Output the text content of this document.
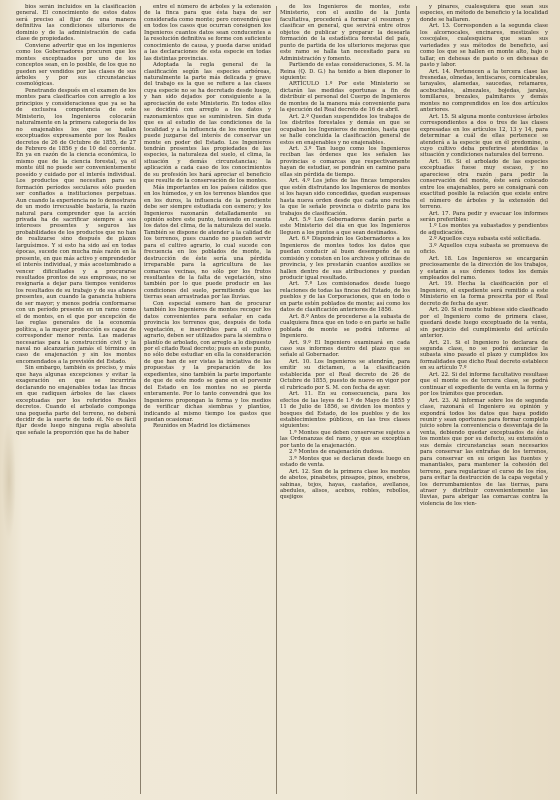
bios serán incluidos en la clasificación general. El conocimiento de estos datos será preciso al fijar de una manera definitiva las condiciones ulteriores de dominio y de la administración de cada clase de propiedades.

Conviene advertir que en los ingenieros como los Gobernadores procuren que los montes exceptuados por uno de los conceptos sean, en lo posible, de los que no pueden ser vendidos por las clases de sus árboles y por sus circunstancias cosmológicas.

Penetrando después en el examen de los montes para clasificarlos con arreglo a los principios y consideraciones que ya se ha de exclusiva competencia de este Ministerio, los Ingenieros colocarán naturalmente en la primera categoría de los no enajenables los que se hallan exceptuados expresamente por los Reales decretos de 26 de Octubre de 1855, de 27 de Febrero de 1856 y de 10 del corriente. En ya en razón de la ciencia económica, lo mismo que de la ciencia forestal, ya el monte útil no puede ser convenientemente poseído y cuidado por el interés individual. Los productos que necesitan para su formación períodos seculares sólo pueden ser confiados a instituciones perpetuas. Aun cuando la experiencia no lo demostrara de un modo irrecusable bastaría, la razón natural para comprender que la acción privada ha de sacrificar siempre a sus intereses presentes y seguros las probabilidades de los productos que no han de realizarse sino después de plazos larguísimos. Y si esto ha sido así en todas épocas, sucede con mucha más razón en la presente, en que más activo y emprendedor el interés individual, y más acostumbrado a vencer dificultades y a procurarse resultados prontos de sus empresas, no se resignaría a dejar para tiempos venideros los resultados de su trabajo y de sus afanes presentes, aun cuando la ganancia hubiera de ser mayor; y menos podría conformarse con un período presente en un ramo como el de montes, en el que por excepción de las reglas generales de la economía política, a la mayor producción es capaz de corresponder menor renta. Las maderas necesarias para la construcción civil y la naval no alcanzarían jamás el término en caso de enajenación y sin los montes encomendados a la previsión del Estado.

Sin embargo, también es preciso, y más que haya algunas excepciones y evitar la exageración en que se incurriría declarando no enajenables todas las fincas en que radiquen árboles de las clases exceptuadas por los referidos Reales decretos. Cuando el arbolado componga una pequeña parte del terreno, no deberá decidir de la suerte de todo él. No es fácil fijar desde luego ninguna regla absoluta que señale la proporción que ha de haber

entre el número de árboles y la extensión de la finca para que ésta haya de ser considerada como monte; pero convendrá que en todos los casos que ocurran consignen los Ingenieros cuantos datos sean conducentes a la resolución definitiva se forme con suficiente conocimiento de causa, y pueda darse unidad a las declaraciones de esta especie en todas las distintas provincias.

Adoptada la regla general de la clasificación según las especies arbóreas, naturalmente la parte más delicada y grave del trabajo es la que se refiere a las clases cuya especie no se ha decretado desde luego, y han sido dejados por consiguiente a la apreciación de este Ministerio. En todos ellos se decidirá con arreglo a los datos y razonamientos que se suministren. Sin duda que es al estudio de las condiciones de la localidad y a la influencia de los montes que puede juzgarse del interés de conservar un monte en poder del Estado. Los Ingenieros tendrán presentes las propiedades de las especies, la naturaleza del suelo, el clima, la situación y demás circunstancias; la aplicación a cada caso de los conocimientos de su profesión les hará apreciar el beneficio que resulte de la conservación de los montes.

Más importantes en los países cálidos que en los húmedos, y en los terrenos blandos que en los duros, la influencia de la pendiente debe ser siempre estudiada con esmero; y los Ingenieros razonarán detalladamente su opinión sobre este punto, teniendo en cuenta los datos del clima, de la naturaleza del suelo. También se dispone de atender a la calidad de los terrenos, pues cuando no pueden servir para el cultivo agrario, lo cual sucede con frecuencia en los poblados de monte, la destrucción de éste sería una pérdida irreparable para la agricultura de las comarcas vecinas, no sólo por los frutos resultantes de la falta de vegetación, sino también por lo que puede producir en las condiciones del suelo, permitiendo que las tierras sean arrastradas por las lluvias.

Con especial esmero han de procurar también los Ingenieros de montes recoger los datos convenientes para señalar en cada provincia los terrenos que, después de toda vegetación, e inservibles para el cultivo agrario, deben ser utilizados para la siembra o plantío de arbolado, con arreglo a lo dispuesto por el citado Real decreto; pues en este punto, no sólo debe estudiar en ella la consideración de que han de ser vistas la iniciativa de las propuestas y la preparación de los expedientes, sino también la parte importante de que de este modo se gane en el porvenir del Estado en los montes no se pierda enteramente. Por lo tanto convendrá que los Ingenieros propongan la forma y los medios de verificar dichas siembras y plantíos, indicando al mismo tiempo los gastos que puedan ocasionar.

Reunidos en Madrid los dictámenes

de los Ingenieros de montes, este Ministerio, con el auxilio de la Junta facultativa, procederá a formar el resumen y clasificar en general, que servirá entre otros objetos de publicar y preparar la desearla formación de la estadística forestal del país, punto de partida de los ulteriores mejoras que este ramo se halla tan necesitado para su Administración y fomento.

Partiendo de estas consideraciones, S. M. la Reina (Q. D. G.) ha tenido a bien disponer lo siguiente:

ARTÍCULO 1.º Por este Ministerio se dictarán las medidas oportunas a fin de distribuir el personal del Cuerpo de Ingenieros de montes de la manera más conveniente para la ejecución del Real decreto de 16 de abril.

Art. 2.º Quedan suspendidos los trabajos de los distritos forestales y demás en que se ocupaban los Ingenieros de montes, hasta que se halle concluida la clasificación general de estos en enajenables y no enajenables.

Art. 3.º Tan luego como los Ingenieros reciban las órdenes que les señalen las provincias o comarcas que respectivamente hayan de estudiar, se pondrán en camino para ellas sin pérdida de tiempo.

Art. 4.º Los jefes de las fincas temporales que estén disfrutando los Ingenieros de montes si los hayan sido concedidas, quedan suspensas hasta nueva orden desde que cada uno reciba la que le señale provincia o distrito para los trabajos de clasificación.

Art. 5.º Los Gobernadores darán parte a este Ministerio del día en que los Ingenieros lleguen a los puntos a que sean destinados.

Art. 6.º Dispondrán los Gobernadores a los Ingenieros de montes todos los datos que puedan conducir al buen desempeño de su comisión y consten en los archivos y oficinas de provincia, y les prestarán cuantos auxilios se hallen dentro de sus atribuciones y puedan producir igual resultado.

Art. 7.º Los comisionados desde luego relaciones de todas las fincas del Estado, de los pueblos y de las Corporaciones, que en todo o en parte estén poblados de monte; así como los datos de clasificación anteriores de 1856.

Art. 8.º Antes de procederse a la subasta de cualquiera finca que en todo o en parte se halle poblada de monte se podrá informe al Ingeniero.

Art. 9.º El Ingeniero examinará en cada caso sus informes dentro del plazo que se señale al Gobernador.

Art. 10. Los Ingenieros se atendrán, para emitir su dictamen, a la clasificación establecida por el Real decreto de 26 de Octubre de 1855, puesto de nuevo en vigor por el rubricado por S. M. con fecha de ayer.

Art. 11. En su consecuencia, para los efectos de las leyes de 1.º de Mayo de 1855 y 11 de Julio de 1856, se dividen los montes y bosques del Estado, de los pueblos y de los establecimientos públicos, en las tres clases siguientes:

1.ª Montes que deben conservarse sujetos a las Ordenanzas del ramo, y que se exceptúan por tanto de la enajenación.

2.ª Montes de enajenación dudosa.

3.ª Montes que se declaran desde luego en estado de venta.

Art. 12. Son de la primera clase los montes de abetos, pinabetes, pinsapos, pinos, enebros, sabinas, tejos, hayas, castaños, avellanos, abedules, alisos, acebos, robles, rebollos, quejigos

y pinares, cualesquiera que sean sus especies, en método de beneficio y la localidad donde se hallaren.

Art. 13. Corresponden a la segunda clase los alcornocales, encinares, mestizales y coscojales, cualesquiera que sean sus variedades y sus métodos de beneficio, así como los que se hallen en monte alto, bajo o tallar, en dehesas de pasto o en dehesas de pasto y labor.

Art. 14. Pertenecen a la tercera clase las fresnedas, olmedas, lentiscares, cornicabrales, tarayales, alamedas, saucedas, retamares, acebuchales, almezales, bojedas, jarales, tomillares, brezales, palmitares y demás montes no comprendidos en los dos artículos anteriores.

Art. 15. Si alguna monte contuviese árboles correspondientes a dos o tres de las clases expresadas en los artículos 12, 13 y 14, para determinar a cuál de ellas pertenece se atenderá a la especie que en él predomine, o cuyo cultivo deba preferirse atendidas la situación y condiciones naturales del terreno.

Art. 16. Si el arbolado de las especies exceptuadas fuese muy escaso, y no apareciese otra razón para pedir la conservación del monte, éste será colocado entre los enajenables, pero se consignará con exactitud posible la relación que existe entre el número de árboles y la extensión del terreno.

Art. 17. Para pedir y evacuar los informes serán preferibles:

1.º Los montes ya subastados y pendientes de adjudicación.

2.º Aquellos cuya subasta esté solicitada.

3.º Aquellos cuya subasta se promueva de oficio.

Art. 18. Los Ingenieros se encargarán preciosamente de la dirección de los trabajos, y estarán a sus órdenes todos los demás empleados del ramo.

Art. 19. Hecha la clasificación por el Ingeniero, el expediente será remitido a este Ministerio en la forma prescrita por el Real decreto de fecha de ayer.

Art. 20. Si el monte hubiese sido clasificado por el Ingeniero como de primera clase, quedará desde luego exceptuado de la venta, sin perjuicio del cumplimiento del artículo anterior.

Art. 21. Si el Ingeniero lo declarara de segunda clase, no se podrá anunciar la subasta sino pasado el plazo y cumplidos los formalidades que dicho Real decreto establece en su artículo 7.º

Art. 22. Si del informe facultativo resultase que el monte es de tercera clase, se podrá continuar el expediente de venta en la forma y por los trámites que procedan.

Art. 23. Al informar sobre los de segunda clase, razonará el Ingeniero su opinión y expondrá todos los datos que haya podido reunir y sean oportunos para formar completo juicio sobre la conveniencia o desventaja de la venta, debiendo quedar exceptuados de ésta los montes que por su defecto, su extensión o sus demás circunstancias sean necesarios para conservar las entrañas de los terrenos, para conservar en su origen las fuentes y manantiales, para mantener la cohesión del terreno, para regularizar el curso de los ríos, para evitar la destrucción de la capa vegetal y los derrumbamientos de las tierras, para atraer y distribuir convenientemente las lluvias, para abrigar las comarcas contra la violencia de los vien-
